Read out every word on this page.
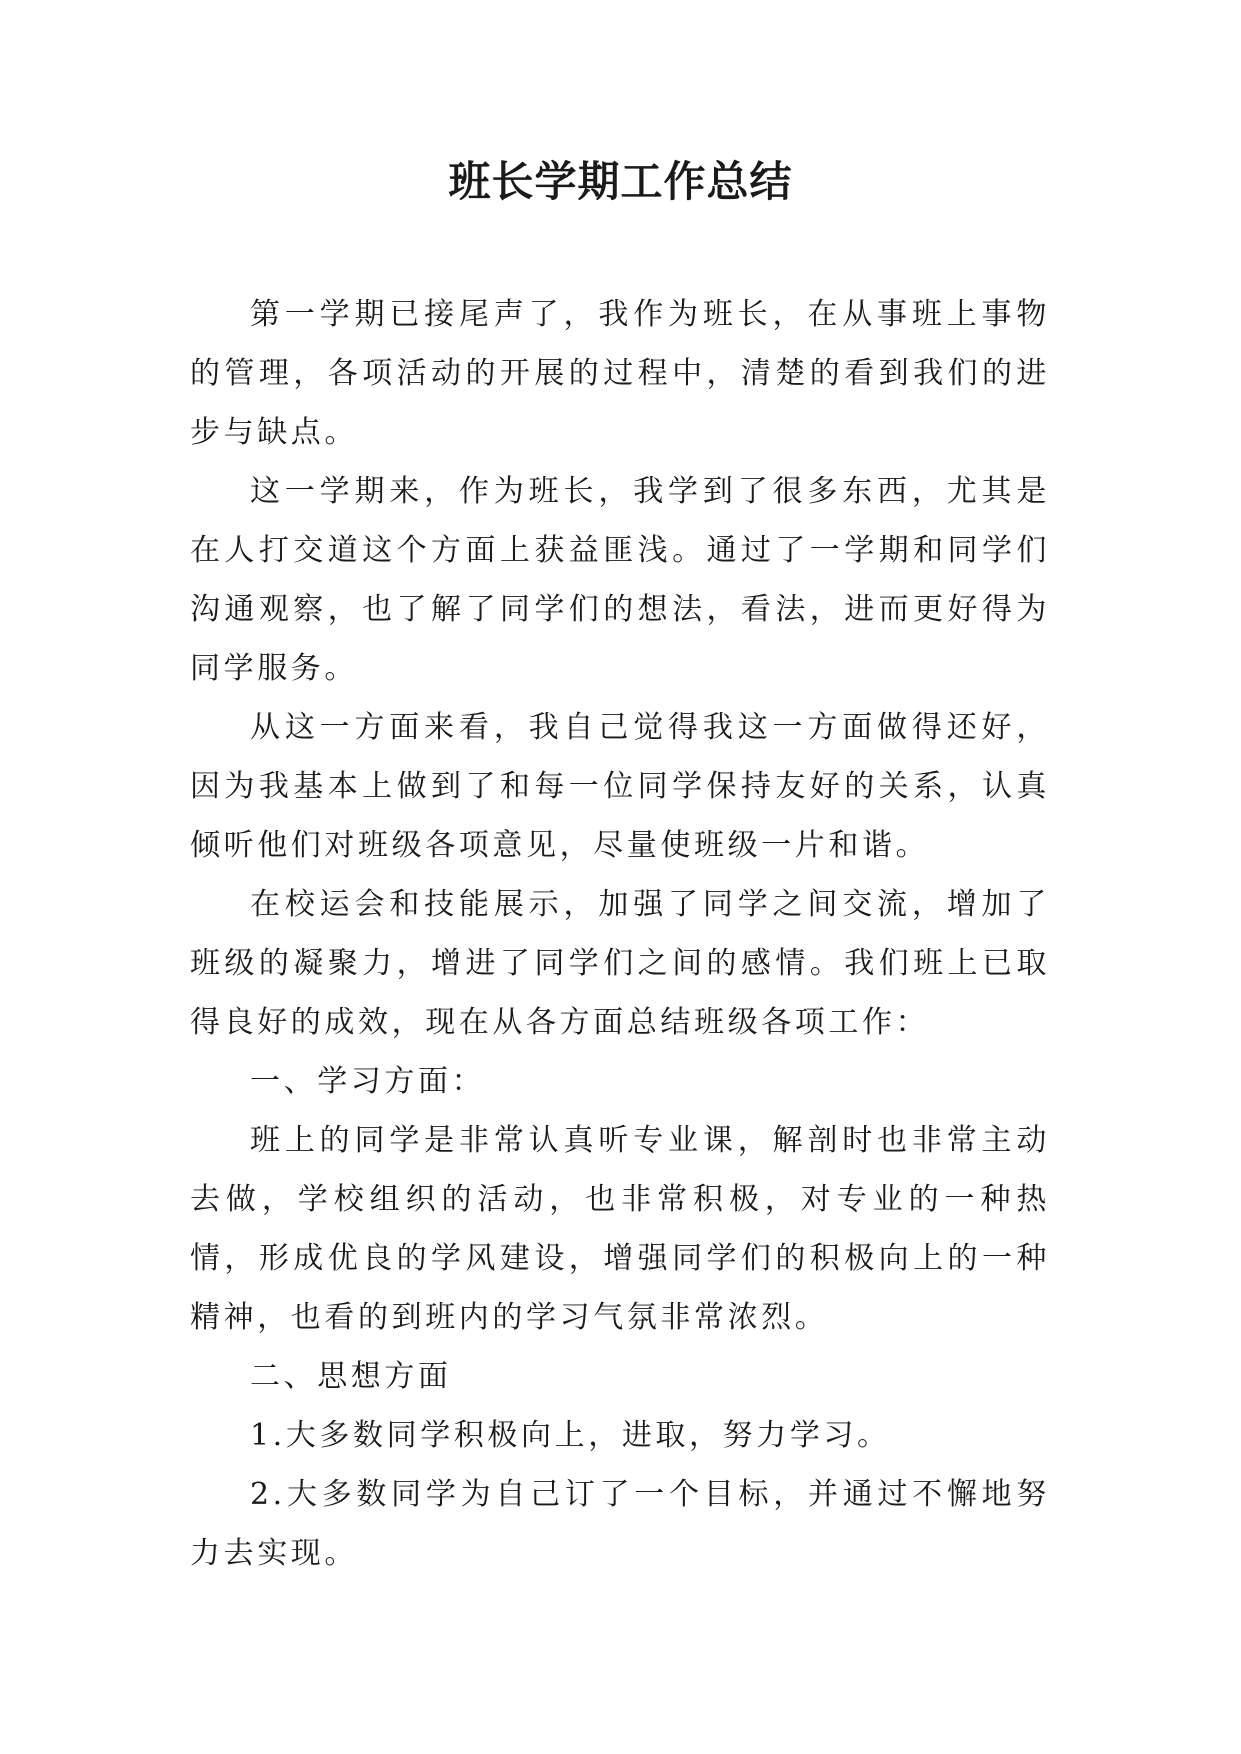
班长学期工作总结

第一学期已接尾声了，我作为班长，在从事班上事物的管理，各项活动的开展的过程中，清楚的看到我们的进步与缺点。

这一学期来，作为班长，我学到了很多东西，尤其是在人打交道这个方面上获益匪浅。通过了一学期和同学们沟通观察，也了解了同学们的想法，看法，进而更好得为同学服务。

从这一方面来看，我自己觉得我这一方面做得还好，因为我基本上做到了和每一位同学保持友好的关系，认真倾听他们对班级各项意见，尽量使班级一片和谐。

在校运会和技能展示，加强了同学之间交流，增加了班级的凝聚力，增进了同学们之间的感情。我们班上已取得良好的成效，现在从各方面总结班级各项工作：

一、学习方面：

班上的同学是非常认真听专业课，解剖时也非常主动去做，学校组织的活动，也非常积极，对专业的一种热情，形成优良的学风建设，增强同学们的积极向上的一种精神，也看的到班内的学习气氛非常浓烈。

二、思想方面

1.大多数同学积极向上，进取，努力学习。

2.大多数同学为自己订了一个目标，并通过不懈地努力去实现。
